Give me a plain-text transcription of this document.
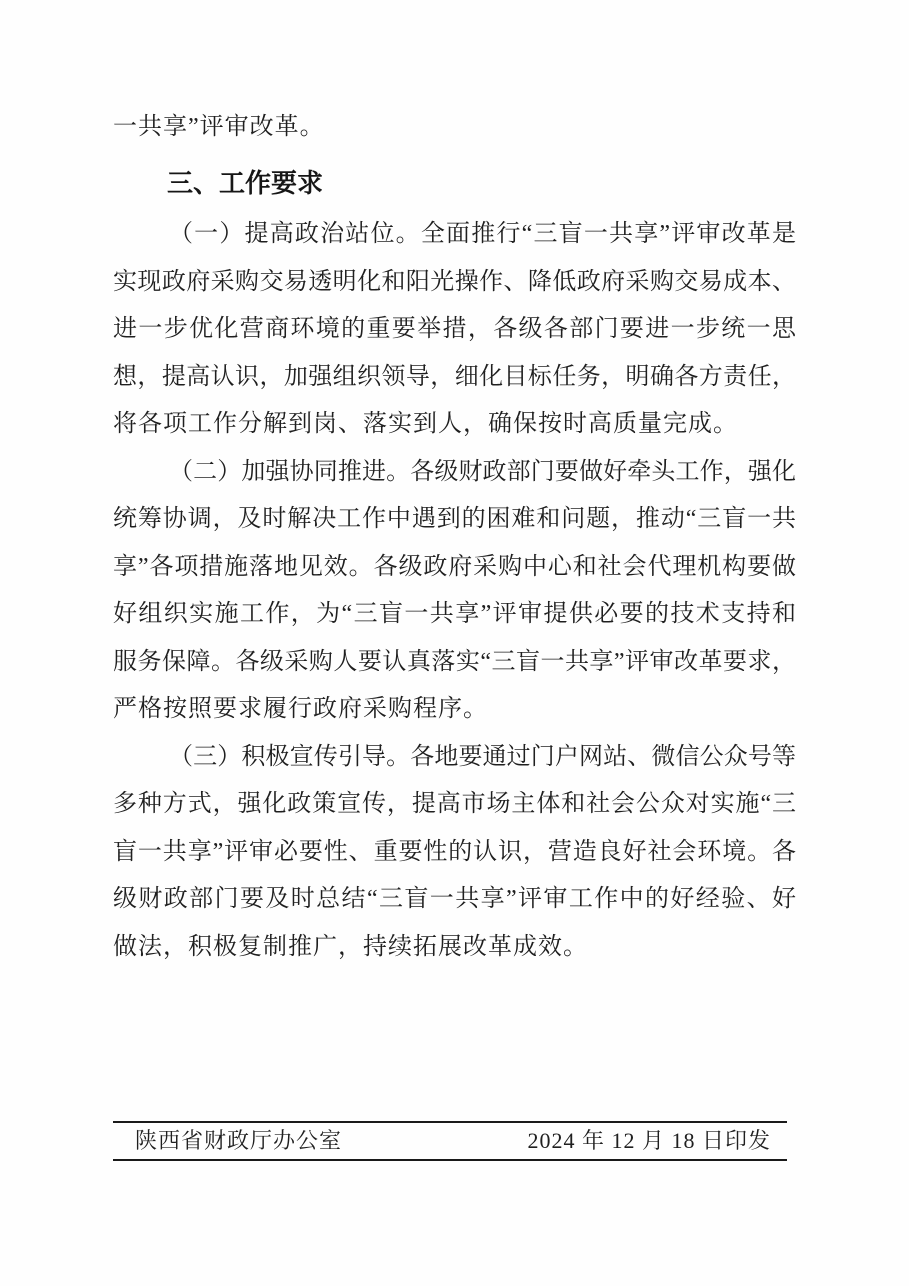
一共享”评审改革。
三、工作要求
（一）提高政治站位。全面推行“三盲一共享”评审改革是
实现政府采购交易透明化和阳光操作、降低政府采购交易成本、
进一步优化营商环境的重要举措，各级各部门要进一步统一思
想，提高认识，加强组织领导，细化目标任务，明确各方责任，
将各项工作分解到岗、落实到人，确保按时高质量完成。
（二）加强协同推进。各级财政部门要做好牵头工作，强化
统筹协调，及时解决工作中遇到的困难和问题，推动“三盲一共
享”各项措施落地见效。各级政府采购中心和社会代理机构要做
好组织实施工作，为“三盲一共享”评审提供必要的技术支持和
服务保障。各级采购人要认真落实“三盲一共享”评审改革要求，
严格按照要求履行政府采购程序。
（三）积极宣传引导。各地要通过门户网站、微信公众号等
多种方式，强化政策宣传，提高市场主体和社会公众对实施“三
盲一共享”评审必要性、重要性的认识，营造良好社会环境。各
级财政部门要及时总结“三盲一共享”评审工作中的好经验、好
做法，积极复制推广，持续拓展改革成效。
陕西省财政厅办公室	2024 年 12 月 18 日印发
